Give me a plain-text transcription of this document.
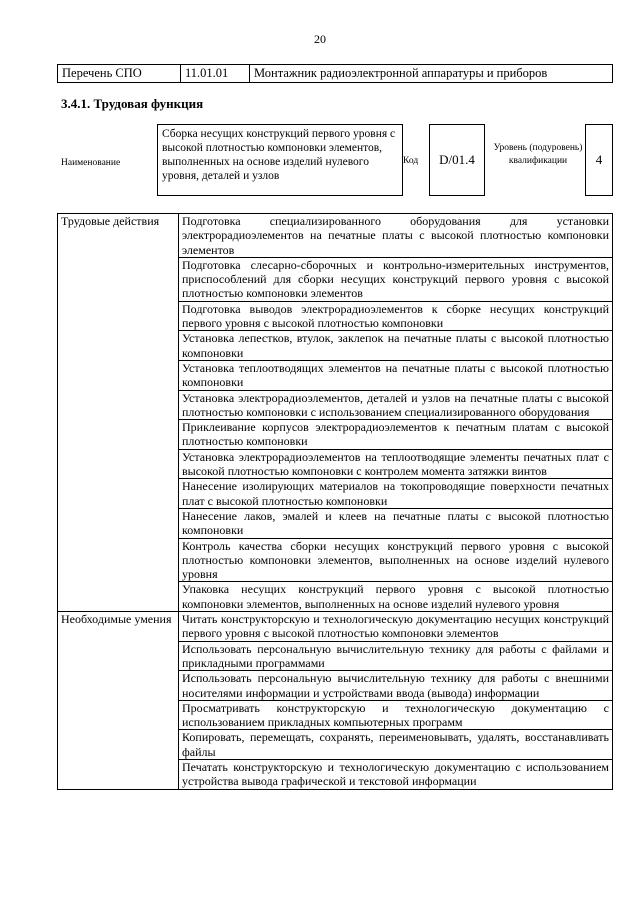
20
Перечень СПО	11.01.01	Монтажник радиоэлектронной аппаратуры и приборов
3.4.1. Трудовая функция
Наименование
Сборка несущих конструкций первого уровня с высокой плотностью компоновки элементов, выполненных на основе изделий нулевого уровня, деталей и узлов
Код	D/01.4
Уровень (подуровень) квалификации	4
Трудовые действия	Подготовка специализированного оборудования для установки электрорадиоэлементов на печатные платы с высокой плотностью компоновки элементов
	Подготовка слесарно-сборочных и контрольно-измерительных инструментов, приспособлений для сборки несущих конструкций первого уровня с высокой плотностью компоновки элементов
	Подготовка выводов электрорадиоэлементов к сборке несущих конструкций первого уровня с высокой плотностью компоновки
	Установка лепестков, втулок, заклепок на печатные платы с высокой плотностью компоновки
	Установка теплоотводящих элементов на печатные платы с высокой плотностью компоновки
	Установка электрорадиоэлементов, деталей и узлов на печатные платы с высокой плотностью компоновки с использованием специализированного оборудования
	Приклеивание корпусов электрорадиоэлементов к печатным платам с высокой плотностью компоновки
	Установка электрорадиоэлементов на теплоотводящие элементы печатных плат с высокой плотностью компоновки с контролем момента затяжки винтов
	Нанесение изолирующих материалов на токопроводящие поверхности печатных плат с высокой плотностью компоновки
	Нанесение лаков, эмалей и клеев на печатные платы с высокой плотностью компоновки
	Контроль качества сборки несущих конструкций первого уровня с высокой плотностью компоновки элементов, выполненных на основе изделий нулевого уровня
	Упаковка несущих конструкций первого уровня с высокой плотностью компоновки элементов, выполненных на основе изделий нулевого уровня
Необходимые умения	Читать конструкторскую и технологическую документацию несущих конструкций первого уровня с высокой плотностью компоновки элементов
	Использовать персональную вычислительную технику для работы с файлами и прикладными программами
	Использовать персональную вычислительную технику для работы с внешними носителями информации и устройствами ввода (вывода) информации
	Просматривать конструкторскую и технологическую документацию с использованием прикладных компьютерных программ
	Копировать, перемещать, сохранять, переименовывать, удалять, восстанавливать файлы
	Печатать конструкторскую и технологическую документацию с использованием устройства вывода графической и текстовой информации
